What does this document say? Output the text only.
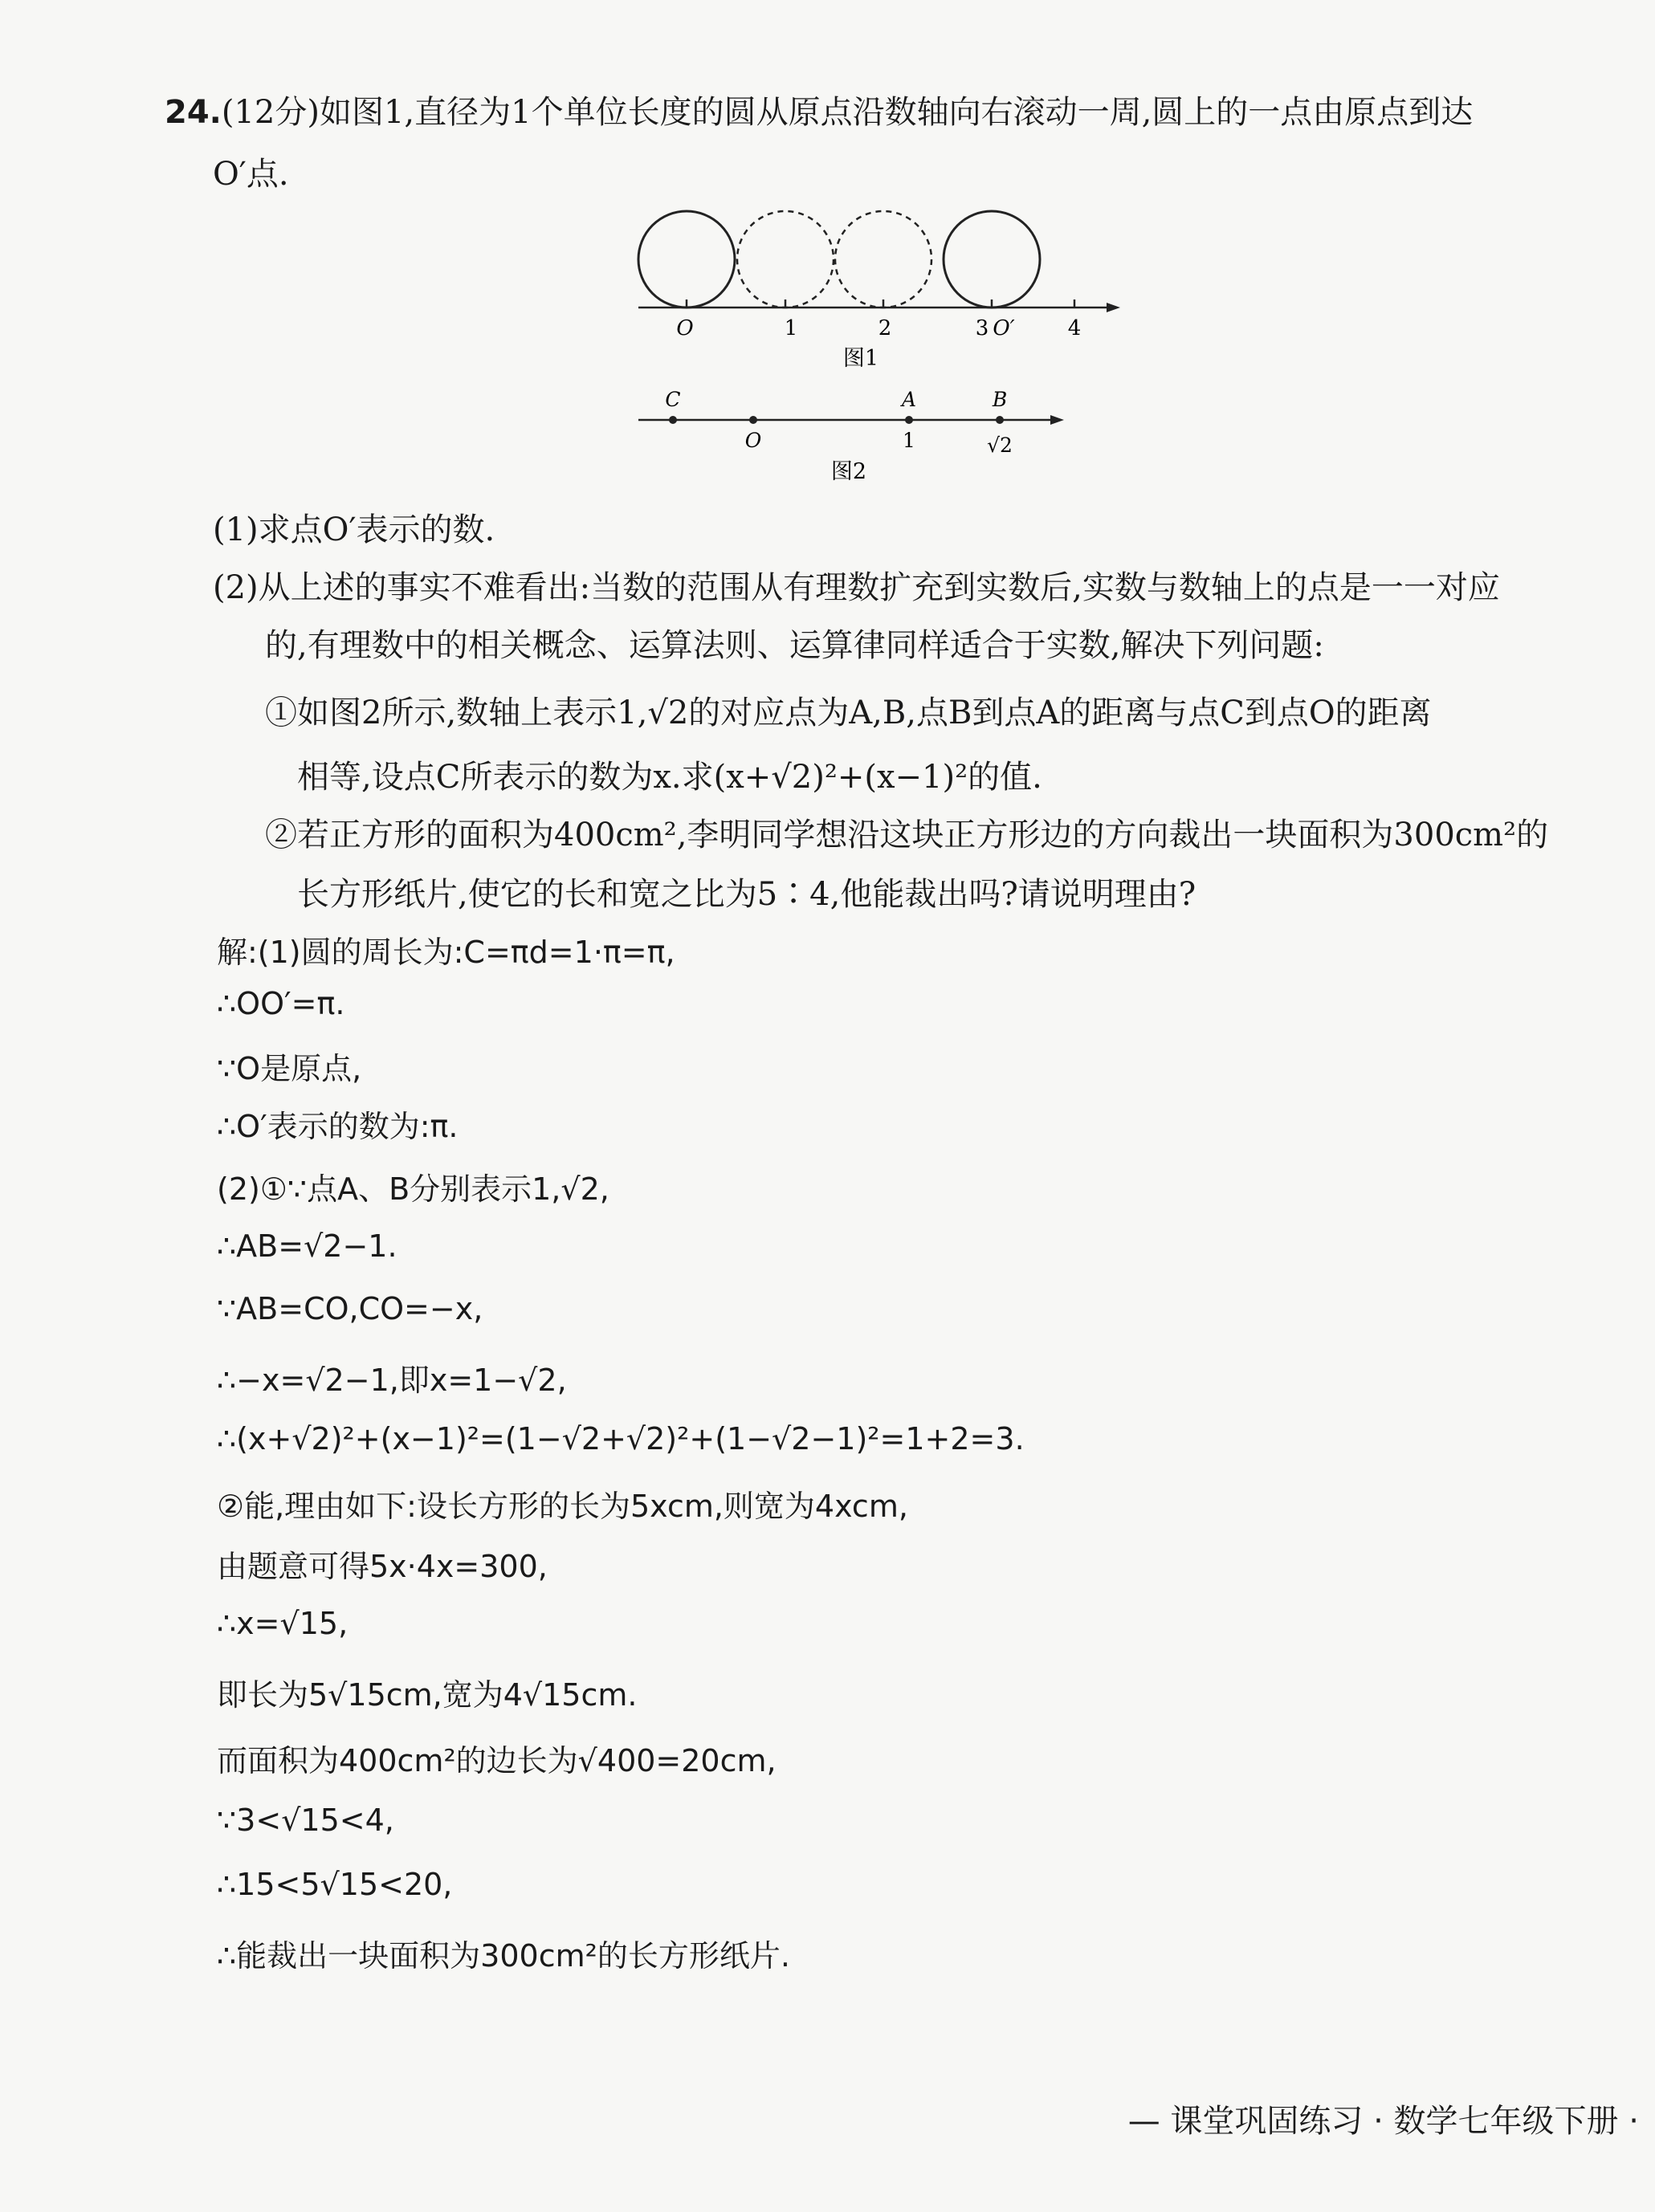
24.(12分)如图1,直径为1个单位长度的圆从原点沿数轴向右滚动一周,圆上的一点由原点到达
O′点.
O	1	2	3 O′	4
图1
C
O
A
1
B
√2
图2
(1)求点O′表示的数.
(2)从上述的事实不难看出:当数的范围从有理数扩充到实数后,实数与数轴上的点是一一对应
的,有理数中的相关概念、运算法则、运算律同样适合于实数,解决下列问题:
①如图2所示,数轴上表示1,√2的对应点为A,B,点B到点A的距离与点C到点O的距离
相等,设点C所表示的数为x.求(x+√2)²+(x−1)²的值.
②若正方形的面积为400cm²,李明同学想沿这块正方形边的方向裁出一块面积为300cm²的
长方形纸片,使它的长和宽之比为5∶4,他能裁出吗?请说明理由?
解:(1)圆的周长为:C=πd=1·π=π,
∴OO′=π.
∵O是原点,
∴O′表示的数为:π.
(2)①∵点A、B分别表示1,√2,
∴AB=√2−1.
∵AB=CO,CO=−x,
∴−x=√2−1,即x=1−√2,
∴(x+√2)²+(x−1)²=(1−√2+√2)²+(1−√2−1)²=1+2=3.
②能,理由如下:设长方形的长为5xcm,则宽为4xcm,
由题意可得5x·4x=300,
∴x=√15,
即长为5√15cm,宽为4√15cm.
而面积为400cm²的边长为√400=20cm,
∵3<√15<4,
∴15<5√15<20,
∴能裁出一块面积为300cm²的长方形纸片.
— 课堂巩固练习 · 数学七年级下册 ·
